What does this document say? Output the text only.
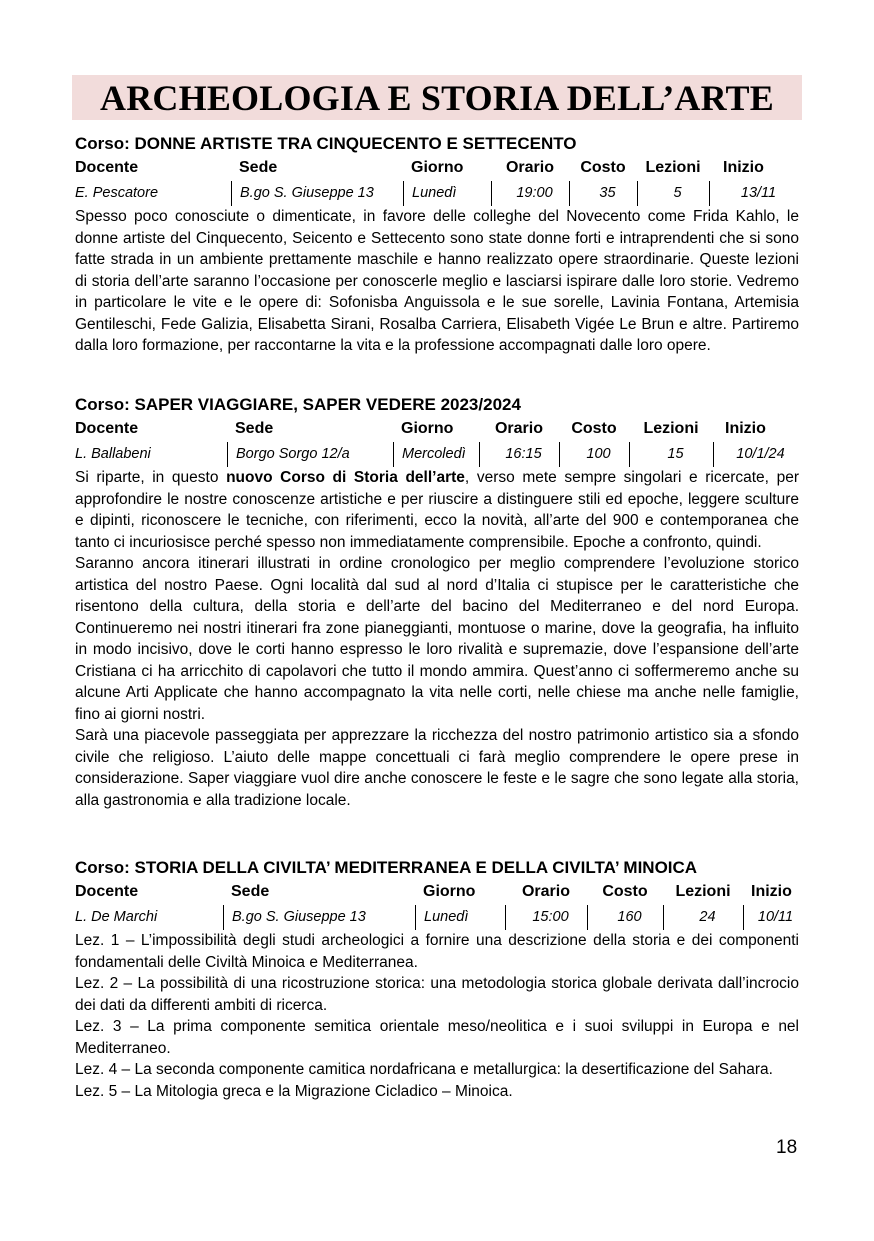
ARCHEOLOGIA E STORIA DELL’ARTE
Corso: DONNE ARTISTE TRA CINQUECENTO E SETTECENTO
Docente	Sede	Giorno	Orario	Costo	Lezioni	Inizio
E. Pescatore	B.go S. Giuseppe 13	Lunedì	19:00	35	5	13/11

Spesso poco conosciute o dimenticate, in favore delle colleghe del Novecento come Frida Kahlo, le donne artiste del Cinquecento, Seicento e Settecento sono state donne forti e intraprendenti che si sono fatte strada in un ambiente prettamente maschile e hanno realizzato opere straordinarie. Queste lezioni di storia dell’arte saranno l’occasione per conoscerle meglio e lasciarsi ispirare dalle loro storie. Vedremo in particolare le vite e le opere di: Sofonisba Anguissola e le sue sorelle, Lavinia Fontana, Artemisia Gentileschi, Fede Galizia, Elisabetta Sirani, Rosalba Carriera, Elisabeth Vigée Le Brun e altre. Partiremo dalla loro formazione, per raccontarne la vita e la professione accompagnati dalle loro opere.

Corso: SAPER VIAGGIARE, SAPER VEDERE 2023/2024
Docente	Sede	Giorno	Orario	Costo	Lezioni	Inizio
L. Ballabeni	Borgo Sorgo 12/a	Mercoledì	16:15	100	15	10/1/24

Si riparte, in questo nuovo Corso di Storia dell’arte, verso mete sempre singolari e ricercate, per approfondire le nostre conoscenze artistiche e per riuscire a distinguere stili ed epoche, leggere sculture e dipinti, riconoscere le tecniche, con riferimenti, ecco la novità, all’arte del 900 e contemporanea che tanto ci incuriosisce perché spesso non immediatamente comprensibile. Epoche a confronto, quindi.

Saranno ancora itinerari illustrati in ordine cronologico per meglio comprendere l’evoluzione storico artistica del nostro Paese. Ogni località dal sud al nord d’Italia ci stupisce per le caratteristiche che risentono della cultura, della storia e dell’arte del bacino del Mediterraneo e del nord Europa. Continueremo nei nostri itinerari fra zone pianeggianti, montuose o marine, dove la geografia, ha influito in modo incisivo, dove le corti hanno espresso le loro rivalità e supremazie, dove l’espansione dell’arte Cristiana ci ha arricchito di capolavori che tutto il mondo ammira. Quest’anno ci soffermeremo anche su alcune Arti Applicate che hanno accompagnato la vita nelle corti, nelle chiese ma anche nelle famiglie, fino ai giorni nostri.

Sarà una piacevole passeggiata per apprezzare la ricchezza del nostro patrimonio artistico sia a sfondo civile che religioso. L’aiuto delle mappe concettuali ci farà meglio comprendere le opere prese in considerazione. Saper viaggiare vuol dire anche conoscere le feste e le sagre che sono legate alla storia, alla gastronomia e alla tradizione locale.

Corso: STORIA DELLA CIVILTA’ MEDITERRANEA E DELLA CIVILTA’ MINOICA
Docente	Sede	Giorno	Orario	Costo	Lezioni	Inizio
L. De Marchi	B.go S. Giuseppe 13	Lunedì	15:00	160	24	10/11

Lez. 1 – L’impossibilità degli studi archeologici a fornire una descrizione della storia e dei componenti fondamentali delle Civiltà Minoica e Mediterranea.

Lez. 2 – La possibilità di una ricostruzione storica: una metodologia storica globale derivata dall’incrocio dei dati da differenti ambiti di ricerca.

Lez. 3 – La prima componente semitica orientale meso/neolitica e i suoi sviluppi in Europa e nel Mediterraneo.

Lez. 4 – La seconda componente camitica nordafricana e metallurgica: la desertificazione del Sahara.

Lez. 5 – La Mitologia greca e la Migrazione Cicladico – Minoica.

18
